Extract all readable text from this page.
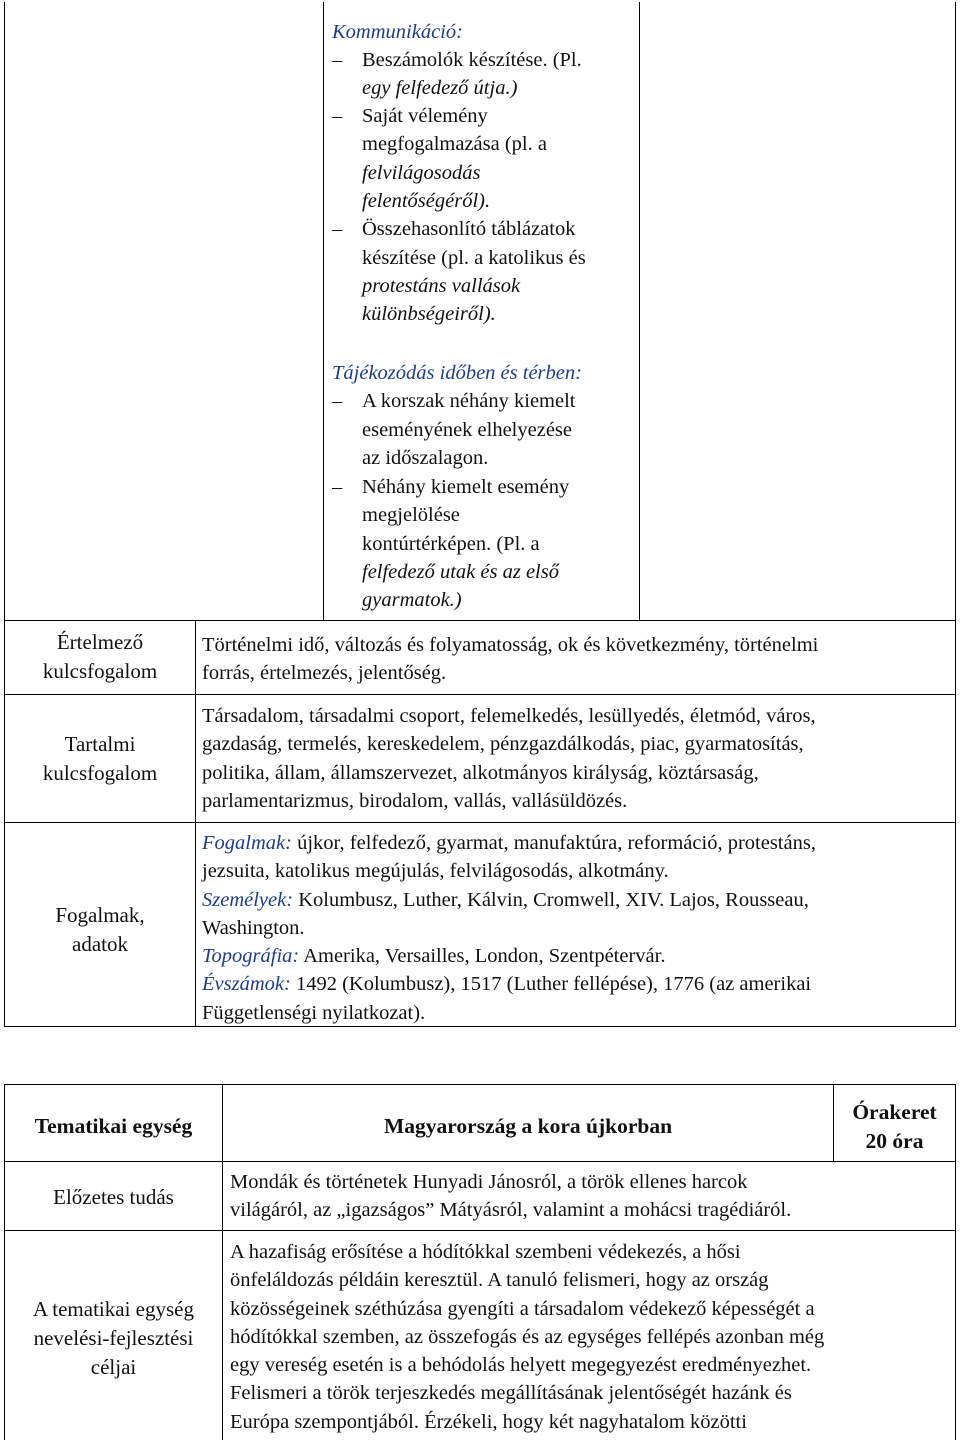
Kommunikáció:
– Beszámolók készítése. (Pl.
egy felfedező útja.)
– Saját vélemény
megfogalmazása (pl. a
felvilágosodás
felentőségéről).
– Összehasonlító táblázatok
készítése (pl. a katolikus és
protestáns vallások
különbségeiről).
Tájékozódás időben és térben:
– A korszak néhány kiemelt
eseményének elhelyezése
az időszalagon.
– Néhány kiemelt esemény
megjelölése
kontúrtérképen. (Pl. a
felfedező utak és az első
gyarmatok.)
Értelmező
kulcsfogalom
Történelmi idő, változás és folyamatosság, ok és következmény, történelmi
forrás, értelmezés, jelentőség.
Tartalmi
kulcsfogalom
Társadalom, társadalmi csoport, felemelkedés, lesüllyedés, életmód, város,
gazdaság, termelés, kereskedelem, pénzgazdálkodás, piac, gyarmatosítás,
politika, állam, államszervezet, alkotmányos királyság, köztársaság,
parlamentarizmus, birodalom, vallás, vallásüldözés.
Fogalmak,
adatok
Fogalmak: újkor, felfedező, gyarmat, manufaktúra, reformáció, protestáns,
jezsuita, katolikus megújulás, felvilágosodás, alkotmány.
Személyek: Kolumbusz, Luther, Kálvin, Cromwell, XIV. Lajos, Rousseau,
Washington.
Topográfia: Amerika, Versailles, London, Szentpétervár.
Évszámok: 1492 (Kolumbusz), 1517 (Luther fellépése), 1776 (az amerikai
Függetlenségi nyilatkozat).
Tematikai egység	Magyarország a kora újkorban
Órakeret
20 óra
Előzetes tudás
Mondák és történetek Hunyadi Jánosról, a török ellenes harcok
világáról, az „igazságos” Mátyásról, valamint a mohácsi tragédiáról.
A tematikai egység
nevelési-fejlesztési
céljai
A hazafiság erősítése a hódítókkal szembeni védekezés, a hősi
önfeláldozás példáin keresztül. A tanuló felismeri, hogy az ország
közösségeinek széthúzása gyengíti a társadalom védekező képességét a
hódítókkal szemben, az összefogás és az egységes fellépés azonban még
egy vereség esetén is a behódolás helyett megegyezést eredményezhet.
Felismeri a török terjeszkedés megállításának jelentőségét hazánk és
Európa szempontjából. Érzékeli, hogy két nagyhatalom közötti
